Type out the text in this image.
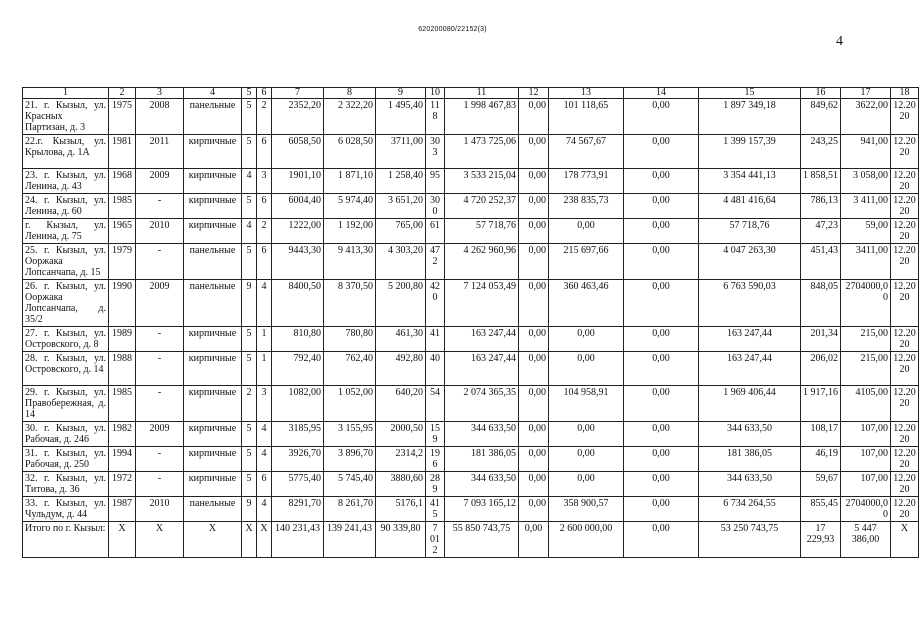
620200080/22152(3)
4
1	2	3	4	5	6	7	8	9	10	11	12	13	14	15	16	17	18
21. г. Кызыл, ул. Красных Партизан, д. 3	1975	2008	панельные	5	2	2352,20	2 322,20	1 495,40	118	1 998 467,83	0,00	101 118,65	0,00	1 897 349,18	849,62	3622,00	12.2020
22.г. Кызыл, ул. Крылова, д. 1А	1981	2011	кирпичные	5	6	6058,50	6 028,50	3711,00	303	1 473 725,06	0,00	74 567,67	0,00	1 399 157,39	243,25	941,00	12.2020
23. г. Кызыл, ул. Ленина, д. 43	1968	2009	кирпичные	4	3	1901,10	1 871,10	1 258,40	95	3 533 215,04	0,00	178 773,91	0,00	3 354 441,13	1 858,51	3 058,00	12.2020
24. г. Кызыл, ул. Ленина, д. 60	1985	-	кирпичные	5	6	6004,40	5 974,40	3 651,20	300	4 720 252,37	0,00	238 835,73	0,00	4 481 416,64	786,13	3 411,00	12.2020
г. Кызыл, ул. Ленина, д. 75	1965	2010	кирпичные	4	2	1222,00	1 192,00	765,00	61	57 718,76	0,00	0,00	0,00	57 718,76	47,23	59,00	12.2020
25. г. Кызыл, ул. Ооржака Лопсанчапа, д. 15	1979	-	панельные	5	6	9443,30	9 413,30	4 303,20	472	4 262 960,96	0,00	215 697,66	0,00	4 047 263,30	451,43	3411,00	12.2020
26. г. Кызыл, ул. Ооржака Лопсанчапа, д. 35/2	1990	2009	панельные	9	4	8400,50	8 370,50	5 200,80	420	7 124 053,49	0,00	360 463,46	0,00	6 763 590,03	848,05	2704000,00	12.2020
27. г. Кызыл, ул. Островского, д. 8	1989	-	кирпичные	5	1	810,80	780,80	461,30	41	163 247,44	0,00	0,00	0,00	163 247,44	201,34	215,00	12.2020
28. г. Кызыл, ул. Островского, д. 14	1988	-	кирпичные	5	1	792,40	762,40	492,80	40	163 247,44	0,00	0,00	0,00	163 247,44	206,02	215,00	12.2020
29. г. Кызыл, ул. Правобережная, д. 14	1985	-	кирпичные	2	3	1082,00	1 052,00	640,20	54	2 074 365,35	0,00	104 958,91	0,00	1 969 406,44	1 917,16	4105,00	12.2020
30. г. Кызыл, ул. Рабочая, д. 246	1982	2009	кирпичные	5	4	3185,95	3 155,95	2000,50	159	344 633,50	0,00	0,00	0,00	344 633,50	108,17	107,00	12.2020
31. г. Кызыл, ул. Рабочая, д. 250	1994	-	кирпичные	5	4	3926,70	3 896,70	2314,2	196	181 386,05	0,00	0,00	0,00	181 386,05	46,19	107,00	12.2020
32. г. Кызыл, ул. Титова, д. 36	1972	-	кирпичные	5	6	5775,40	5 745,40	3880,60	289	344 633,50	0,00	0,00	0,00	344 633,50	59,67	107,00	12.2020
33. г. Кызыл, ул. Чульдум, д. 44	1987	2010	панельные	9	4	8291,70	8 261,70	5176,1	415	7 093 165,12	0,00	358 900,57	0,00	6 734 264,55	855,45	2704000,00	12.2020
Итого по г. Кызыл:	X	X	X	X	X	140 231,43	139 241,43	90 339,80	7 012	55 850 743,75	0,00	2 600 000,00	0,00	53 250 743,75	17 229,93	5 447 386,00	X
